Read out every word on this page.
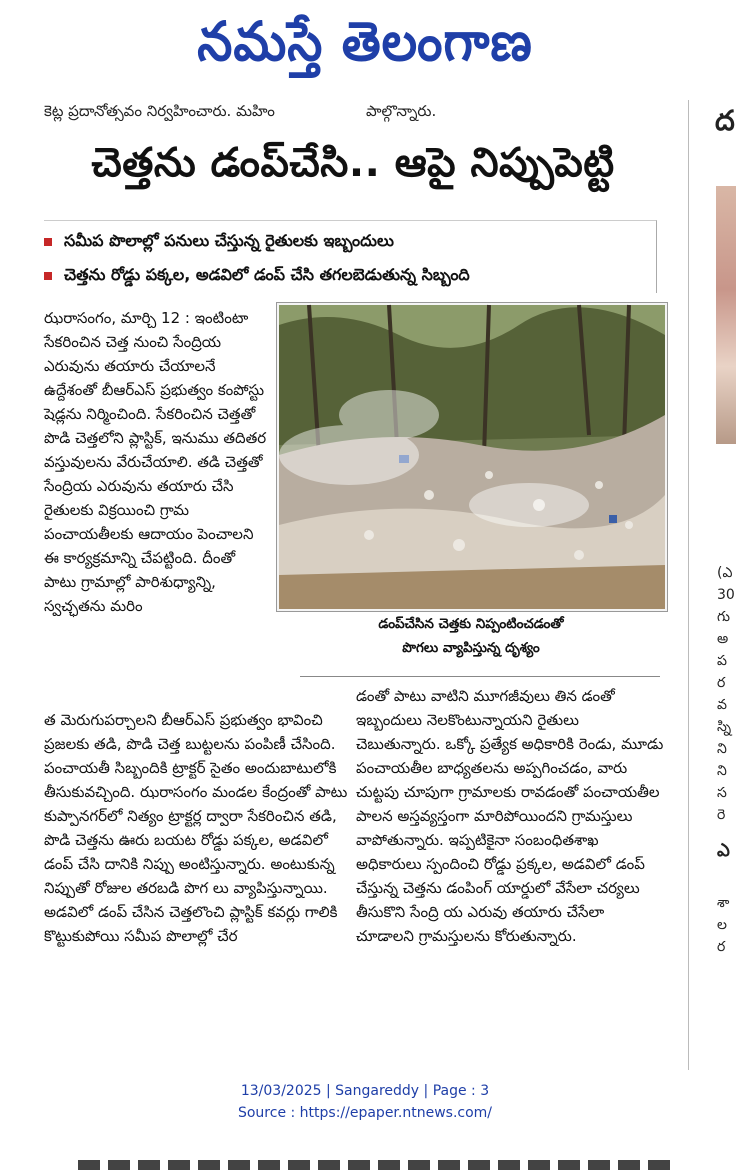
నమస్తే తెలంగాణ
కెట్ల ప్రదానోత్సవం నిర్వహించారు. మహిం	పాల్గొన్నారు.
చెత్తను డంప్‌చేసి.. ఆపై నిప్పుపెట్టి
సమీప పొలాల్లో పనులు చేస్తున్న రైతులకు ఇబ్బందులు
చెత్తను రోడ్డు పక్కల, అడవిలో డంప్ చేసి తగలబెడుతున్న సిబ్బంది

ఝరాసంగం, మార్చి 12 : ఇంటింటా సేకరించిన చెత్త నుంచి సేంద్రియ ఎరువును తయారు చేయాలనే ఉద్దేశంతో బీఆర్‌ఎస్ ప్రభుత్వం కంపోస్టు షెడ్లను నిర్మించింది. సేకరించిన చెత్తతో పొడి చెత్తలోని ప్లాస్టిక్, ఇనుము తదితర వస్తువులను వేరుచేయాలి. తడి చెత్తతో సేంద్రియ ఎరువును తయారు చేసి రైతులకు విక్రయించి గ్రామ పంచాయతీలకు ఆదాయం పెంచాలని ఈ కార్యక్రమాన్ని చేపట్టింది. దీంతో పాటు గ్రామాల్లో పారిశుధ్యాన్ని, స్వచ్ఛతను మరిం

డంప్‌చేసిన చెత్తకు నిప్పంటించడంతో
పొగలు వ్యాపిస్తున్న దృశ్యం

త మెరుగుపర్చాలని బీఆర్‌ఎస్ ప్రభుత్వం భావించి ప్రజలకు తడి, పొడి చెత్త బుట్టలను పంపిణీ చేసింది. పంచాయతీ సిబ్బందికి ట్రాక్టర్ సైతం అందుబాటులోకి తీసుకువచ్చింది. ఝరాసంగం మండల కేంద్రంతో పాటు కుప్పానగర్‌లో నిత్యం ట్రాక్టర్ల ద్వారా సేకరించిన తడి, పొడి చెత్తను ఊరు బయట రోడ్డు పక్కల, అడవిలో డంప్ చేసి దానికి నిప్పు అంటిస్తున్నారు. అంటుకున్న నిప్పుతో రోజుల తరబడి పొగ లు వ్యాపిస్తున్నాయి. అడవిలో డంప్ చేసిన చెత్తలొంచి ప్లాస్టిక్ కవర్లు గాలికి కొట్టుకుపోయి సమీప పొలాల్లో చేర

డంతో పాటు వాటిని మూగజీవులు తిన డంతో ఇబ్బందులు నెలకొంటున్నాయని రైతులు చెబుతున్నారు. ఒక్కో ప్రత్యేక అధికారికి రెండు, మూడు పంచాయతీల బాధ్యతలను అప్పగించడం, వారు చుట్టపు చూపుగా గ్రామాలకు రావడంతో పంచాయతీల పాలన అస్తవ్యస్తంగా మారిపోయిందని గ్రామస్తులు వాపోతున్నారు. ఇప్పటికైనా సంబంధితశాఖ అధికారులు స్పందించి రోడ్డు ప్రక్కల, అడవిలో డంప్ చేస్తున్న చెత్తను డంపింగ్ యార్డులో వేసేలా చర్యలు తీసుకొని సేంద్రి య ఎరువు తయారు చేసేలా చూడాలని గ్రామస్తులను కోరుతున్నారు.

ద
(ఎ
30
గు
అ
ప
ర
వ
స్ని
ని
ని
స
రె
ఎ
శా
ల
ర
13/03/2025 | Sangareddy | Page : 3
Source : https://epaper.ntnews.com/
